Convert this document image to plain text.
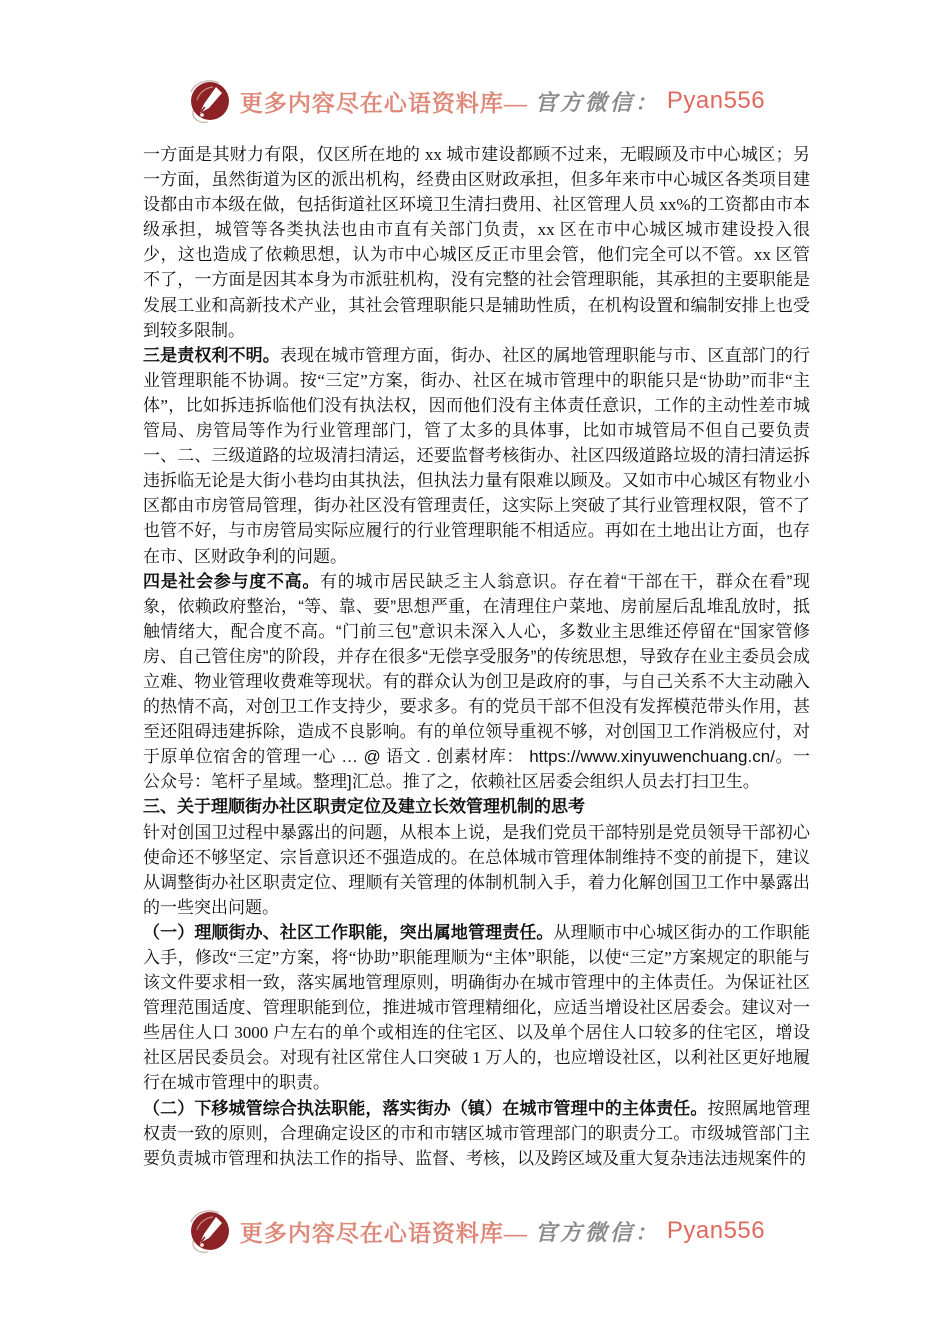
更多内容尽在心语资料库— 官方微信： Pyan556

一方面是其财力有限，仅区所在地的 xx 城市建设都顾不过来，无暇顾及市中心城区；另一方面，虽然街道为区的派出机构，经费由区财政承担，但多年来市中心城区各类项目建设都由市本级在做，包括街道社区环境卫生清扫费用、社区管理人员 xx%的工资都由市本级承担，城管等各类执法也由市直有关部门负责，xx 区在市中心城区城市建设投入很少，这也造成了依赖思想，认为市中心城区反正市里会管，他们完全可以不管。xx 区管不了，一方面是因其本身为市派驻机构，没有完整的社会管理职能，其承担的主要职能是发展工业和高新技术产业，其社会管理职能只是辅助性质，在机构设置和编制安排上也受到较多限制。

三是责权利不明。表现在城市管理方面，街办、社区的属地管理职能与市、区直部门的行业管理职能不协调。按“三定”方案，街办、社区在城市管理中的职能只是“协助”而非“主体”，比如拆违拆临他们没有执法权，因而他们没有主体责任意识，工作的主动性差市城管局、房管局等作为行业管理部门，管了太多的具体事，比如市城管局不但自己要负责一、二、三级道路的垃圾清扫清运，还要监督考核街办、社区四级道路垃圾的清扫清运拆违拆临无论是大街小巷均由其执法，但执法力量有限难以顾及。又如市中心城区有物业小区都由市房管局管理，街办社区没有管理责任，这实际上突破了其行业管理权限，管不了也管不好，与市房管局实际应履行的行业管理职能不相适应。再如在土地出让方面，也存在市、区财政争利的问题。

四是社会参与度不高。有的城市居民缺乏主人翁意识。存在着“干部在干，群众在看”现象，依赖政府整治，“等、靠、要”思想严重，在清理住户菜地、房前屋后乱堆乱放时，抵触情绪大，配合度不高。“门前三包”意识未深入人心，多数业主思维还停留在“国家管修房、自己管住房”的阶段，并存在很多“无偿享受服务”的传统思想，导致存在业主委员会成立难、物业管理收费难等现状。有的群众认为创卫是政府的事，与自己关系不大主动融入的热情不高，对创卫工作支持少，要求多。有的党员干部不但没有发挥模范带头作用，甚至还阻碍违建拆除，造成不良影响。有的单位领导重视不够，对创国卫工作消极应付，对于原单位宿舍的管理一心 … @ 语文 . 创素材库： https://www.xinyuwenchuang.cn/。一公众号：笔杆子星域。整理]汇总。推了之，依赖社区居委会组织人员去打扫卫生。

三、关于理顺街办社区职责定位及建立长效管理机制的思考

针对创国卫过程中暴露出的问题，从根本上说，是我们党员干部特别是党员领导干部初心使命还不够坚定、宗旨意识还不强造成的。在总体城市管理体制维持不变的前提下，建议从调整街办社区职责定位、理顺有关管理的体制机制入手，着力化解创国卫工作中暴露出的一些突出问题。

（一）理顺街办、社区工作职能，突出属地管理责任。从理顺市中心城区街办的工作职能入手，修改“三定”方案，将“协助”职能理顺为“主体”职能，以使“三定”方案规定的职能与该文件要求相一致，落实属地管理原则，明确街办在城市管理中的主体责任。为保证社区管理范围适度、管理职能到位，推进城市管理精细化，应适当增设社区居委会。建议对一些居住人口 3000 户左右的单个或相连的住宅区、以及单个居住人口较多的住宅区，增设社区居民委员会。对现有社区常住人口突破 1 万人的，也应增设社区，以利社区更好地履行在城市管理中的职责。

（二）下移城管综合执法职能，落实街办（镇）在城市管理中的主体责任。按照属地管理权责一致的原则，合理确定设区的市和市辖区城市管理部门的职责分工。市级城管部门主要负责城市管理和执法工作的指导、监督、考核，以及跨区域及重大复杂违法违规案件的

更多内容尽在心语资料库— 官方微信： Pyan556
